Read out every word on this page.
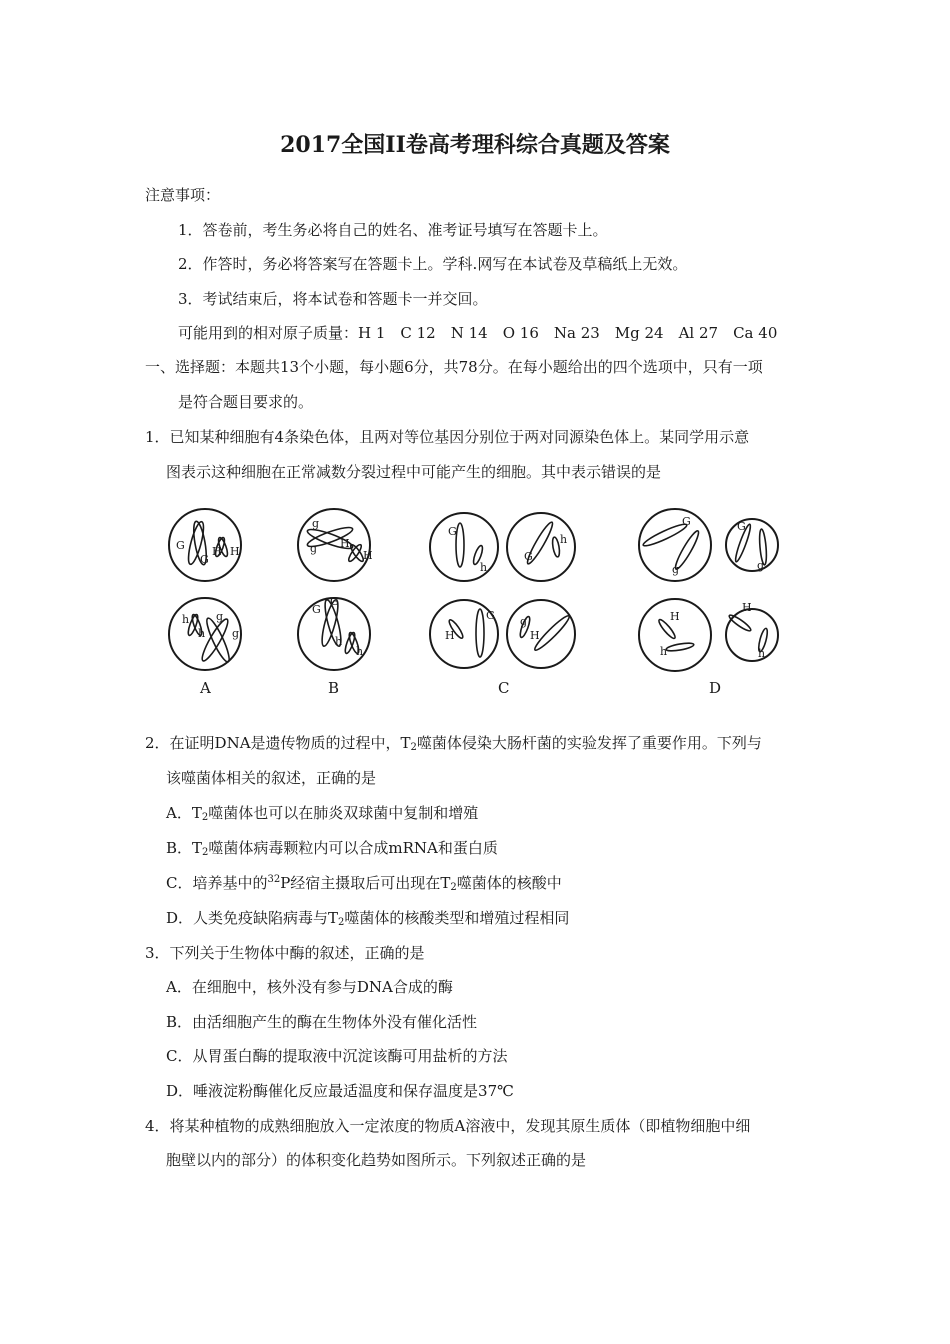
2017全国II卷高考理科综合真题及答案
注意事项：
1．答卷前，考生务必将自己的姓名、准考证号填写在答题卡上。
2．作答时，务必将答案写在答题卡上。学科.网写在本试卷及草稿纸上无效。
3．考试结束后，将本试卷和答题卡一并交回。
可能用到的相对原子质量：H 1　C 12　N 14　O 16　Na 23　Mg 24　Al 27　Ca 40
一、选择题：本题共13个小题，每小题6分，共78分。在每小题给出的四个选项中，只有一项
是符合题目要求的。
1．已知某种细胞有4条染色体，且两对等位基因分别位于两对同源染色体上。某同学用示意
图表示这种细胞在正常减数分裂过程中可能产生的细胞。其中表示错误的是
G
G
H H
h
h
g
g
g
g H
H
G
G
h
h
G
h
G
h
H
G g
H
G
g
G
g
H
h
H
h
A	B	C	D
2．在证明DNA是遗传物质的过程中，$T_2$噬菌体侵染大肠杆菌的实验发挥了重要作用。下列与
该噬菌体相关的叙述，正确的是
A．$T_2$噬菌体也可以在肺炎双球菌中复制和增殖
B．$T_2$噬菌体病毒颗粒内可以合成mRNA和蛋白质
C．培养基中的$^{32}$P经宿主摄取后可出现在$T_2$噬菌体的核酸中
D．人类免疫缺陷病毒与$T_2$噬菌体的核酸类型和增殖过程相同
3．下列关于生物体中酶的叙述，正确的是
A．在细胞中，核外没有参与DNA合成的酶
B．由活细胞产生的酶在生物体外没有催化活性
C．从胃蛋白酶的提取液中沉淀该酶可用盐析的方法
D．唾液淀粉酶催化反应最适温度和保存温度是37℃
4．将某种植物的成熟细胞放入一定浓度的物质A溶液中，发现其原生质体（即植物细胞中细
胞壁以内的部分）的体积变化趋势如图所示。下列叙述正确的是
